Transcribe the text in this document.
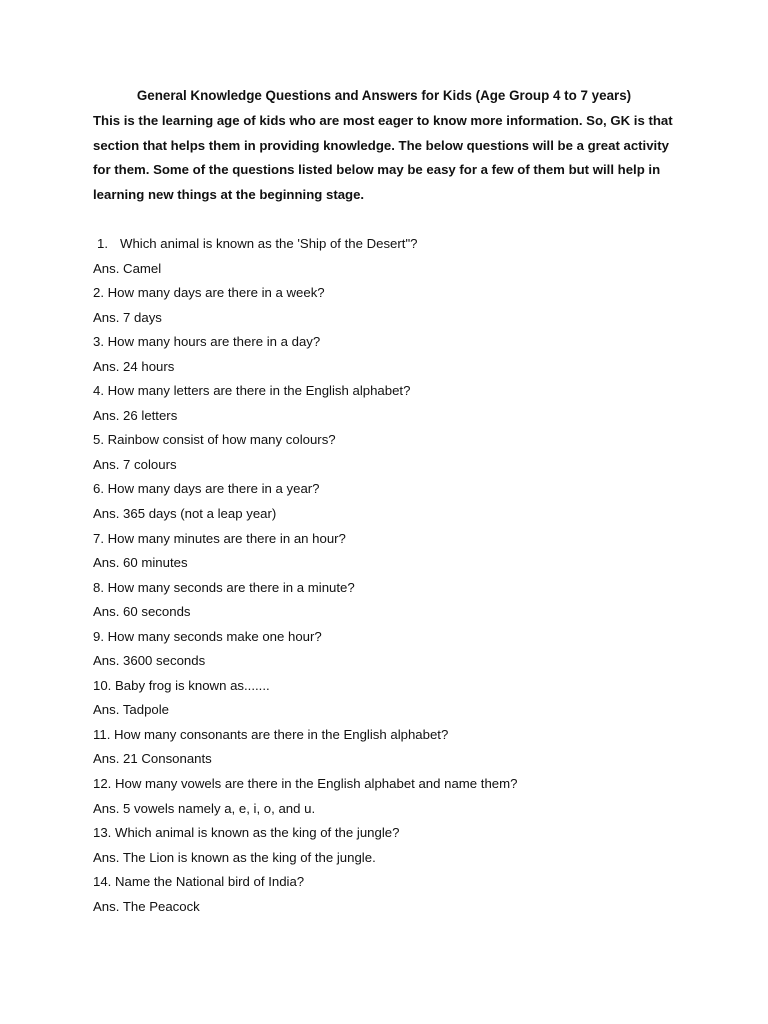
General Knowledge Questions and Answers for Kids (Age Group 4 to 7 years)

This is the learning age of kids who are most eager to know more information. So, GK is that section that helps them in providing knowledge. The below questions will be a great activity for them. Some of the questions listed below may be easy for a few of them but will help in learning new things at the beginning stage.

1. Which animal is known as the 'Ship of the Desert"?
Ans. Camel
2. How many days are there in a week?
Ans. 7 days
3. How many hours are there in a day?
Ans. 24 hours
4. How many letters are there in the English alphabet?
Ans. 26 letters
5. Rainbow consist of how many colours?
Ans. 7 colours
6. How many days are there in a year?
Ans. 365 days (not a leap year)
7. How many minutes are there in an hour?
Ans. 60 minutes
8. How many seconds are there in a minute?
Ans. 60 seconds
9. How many seconds make one hour?
Ans. 3600 seconds
10. Baby frog is known as.......
Ans. Tadpole
11. How many consonants are there in the English alphabet?
Ans. 21 Consonants
12. How many vowels are there in the English alphabet and name them?
Ans. 5 vowels namely a, e, i, o, and u.
13. Which animal is known as the king of the jungle?
Ans. The Lion is known as the king of the jungle.
14. Name the National bird of India?
Ans. The Peacock
